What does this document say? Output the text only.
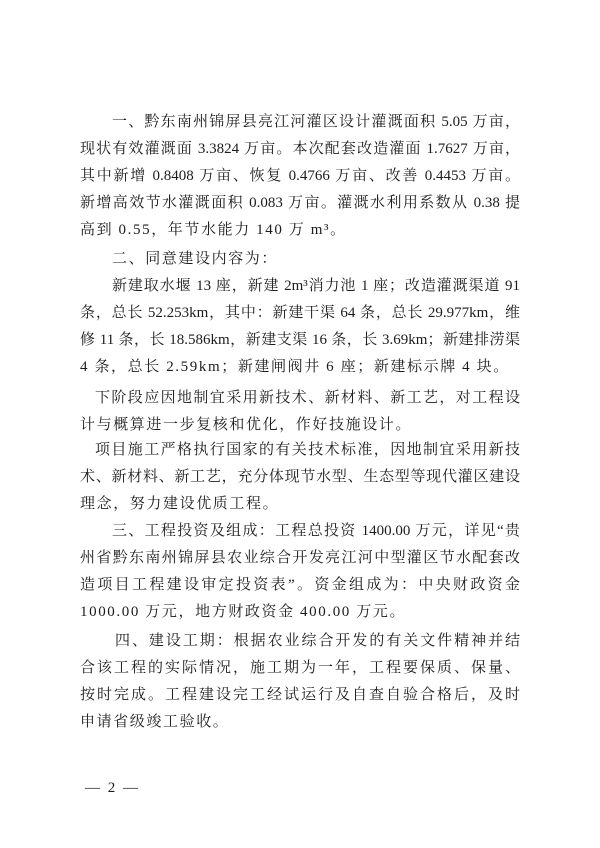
一、黔东南州锦屏县亮江河灌区设计灌溉面积 5.05 万亩，
现状有效灌溉面 3.3824 万亩。本次配套改造灌面 1.7627 万亩，
其中新增 0.8408 万亩、恢复 0.4766 万亩、改善 0.4453 万亩。
新增高效节水灌溉面积 0.083 万亩。灌溉水利用系数从 0.38 提
高到 0.55，年节水能力 140 万 m³。
二、同意建设内容为：
新建取水堰 13 座，新建 2m³消力池 1 座；改造灌溉渠道 91
条，总长 52.253km，其中：新建干渠 64 条，总长 29.977km，维
修 11 条，长 18.586km，新建支渠 16 条，长 3.69km；新建排涝渠
4 条，总长 2.59km；新建闸阀井 6 座；新建标示牌 4 块。
下阶段应因地制宜采用新技术、新材料、新工艺，对工程设
计与概算进一步复核和优化，作好技施设计。
项目施工严格执行国家的有关技术标准，因地制宜采用新技
术、新材料、新工艺，充分体现节水型、生态型等现代灌区建设
理念，努力建设优质工程。
三、工程投资及组成：工程总投资 1400.00 万元，详见“贵
州省黔东南州锦屏县农业综合开发亮江河中型灌区节水配套改
造项目工程建设审定投资表”。资金组成为：中央财政资金
1000.00 万元，地方财政资金 400.00 万元。
四、建设工期：根据农业综合开发的有关文件精神并结
合该工程的实际情况，施工期为一年，工程要保质、保量、
按时完成。工程建设完工经试运行及自查自验合格后，及时
申请省级竣工验收。
— 2 —
